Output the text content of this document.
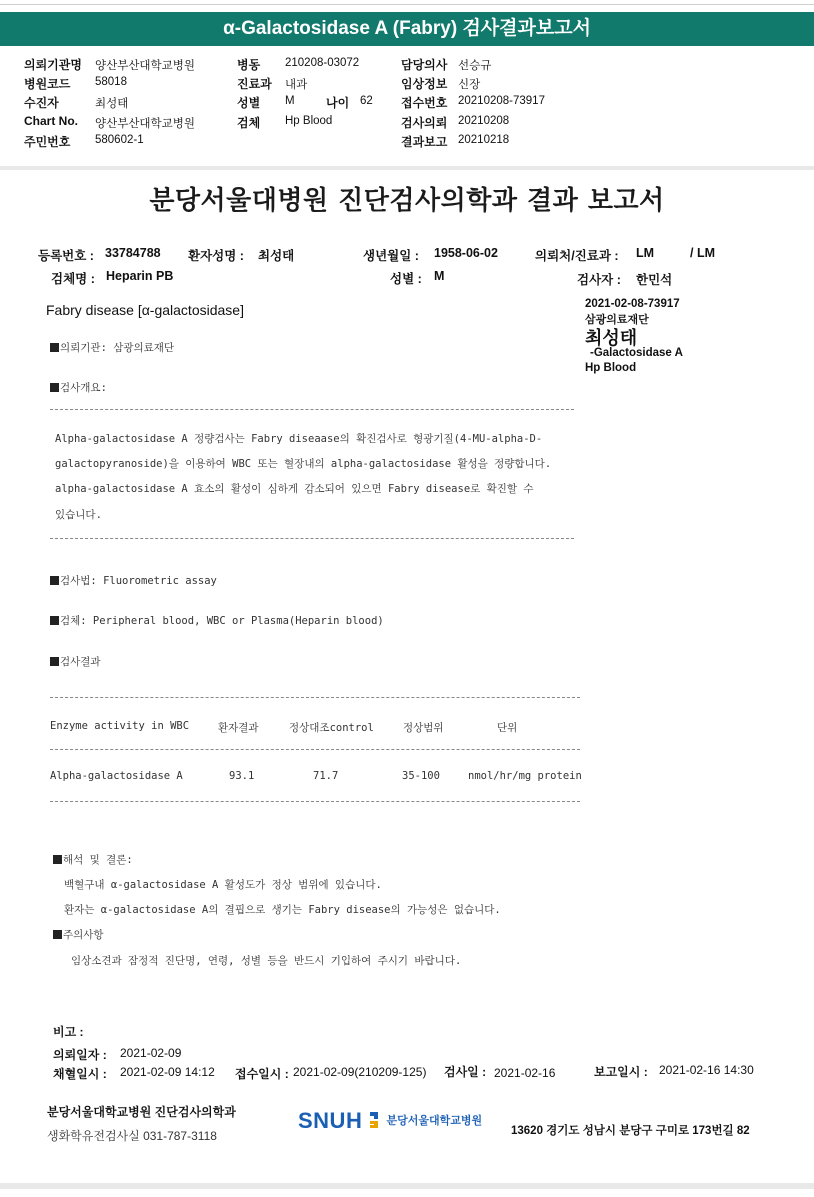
α-Galactosidase A (Fabry) 검사결과보고서
의뢰기관명 양산부산대학교병원
병원코드 58018
수진자	최성태
Chart No. 양산부산대학교병원
주민번호 580602-1
병동 210208-03072
진료과 내과
성별 M	나이 62
검체 Hp Blood
담당의사 선승규
임상정보 신장
접수번호 20210208-73917
검사의뢰 20210208
결과보고 20210218
분당서울대병원 진단검사의학과 결과 보고서
등록번호 : 33784788 환자성명 : 최성태	생년월일 : 1958-06-02	의뢰처/진료과 : LM	/ LM
검체명 : Heparin PB	성별 : M	검사자 : 한민석
2021-02-08-73917
삼광의료재단
최성태
-Galactosidase A
Hp Blood
Fabry disease [α-galactosidase]
의뢰기관: 삼광의료재단
검사개요:
Alpha-galactosidase A 정량검사는 Fabry diseaase의 확진검사로 형광기질(4-MU-alpha-D-
galactopyranoside)을 이용하여 WBC 또는 혈장내의 alpha-galactosidase 활성을 정량합니다.
alpha-galactosidase A 효소의 활성이 심하게 감소되어 있으면 Fabry disease로 확진할 수
있습니다.
검사법: Fluorometric assay
검체: Peripheral blood, WBC or Plasma(Heparin blood)
검사결과
Enzyme activity in WBC	환자결과	정상대조control	정상범위	단위
Alpha-galactosidase A	93.1	71.7	35-100	nmol/hr/mg protein
해석 및 결론:
백혈구내 α-galactosidase A 활성도가 정상 범위에 있습니다.
환자는 α-galactosidase A의 결핍으로 생기는 Fabry disease의 가능성은 없습니다.
주의사항
임상소견과 잠정적 진단명, 연령, 성별 등을 반드시 기입하여 주시기 바랍니다.
비고 :
의뢰일자 : 2021-02-09
채혈일시 : 2021-02-09 14:12 접수일시 : 2021-02-09(210209-125) 검사일 : 2021-02-16	보고일시 : 2021-02-16 14:30
분당서울대학교병원 진단검사의학과
생화학유전검사실 031-787-3118
SNUH $^{분당서울대학교병원}$
13620 경기도 성남시 분당구 구미로 173번길 82
